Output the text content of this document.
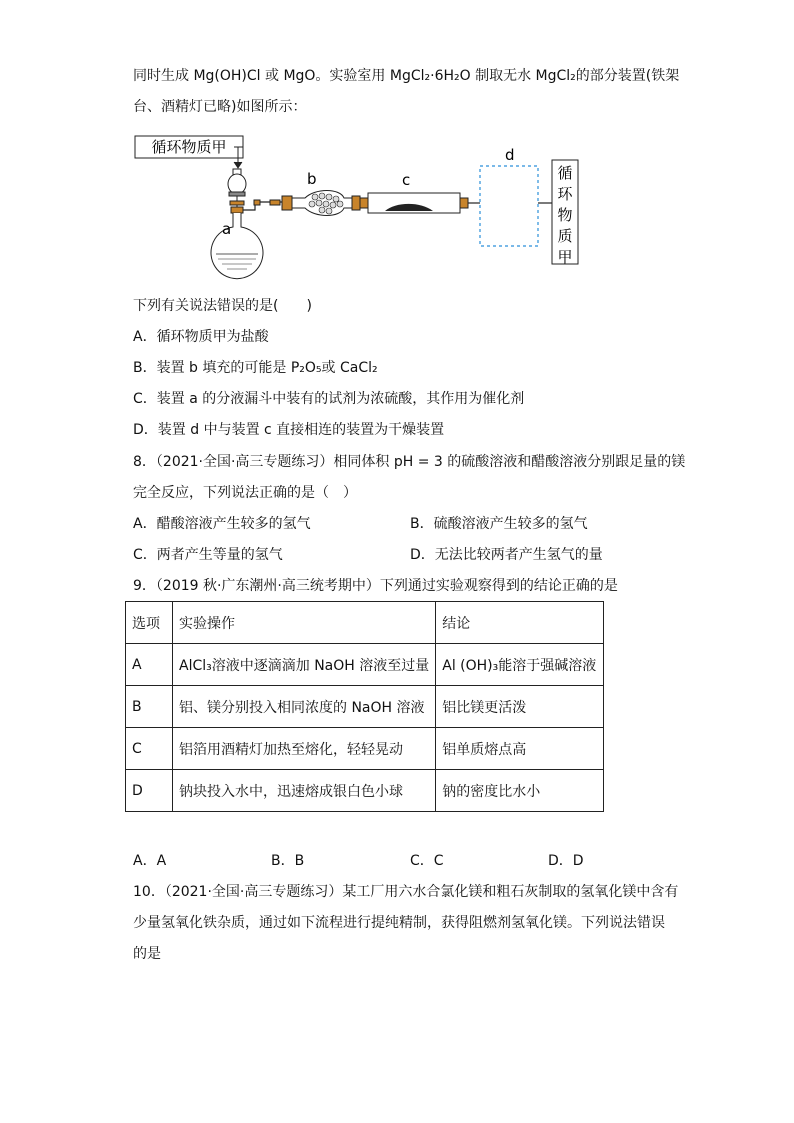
同时生成 Mg(OH)Cl 或 MgO。实验室用 MgCl₂·6H₂O 制取无水 MgCl₂的部分装置(铁架
台、酒精灯已略)如图所示：
循环物质甲
a
b	c
d
循
环
物
质
甲
下列有关说法错误的是(　　)
A．循环物质甲为盐酸
B．装置 b 填充的可能是 P₂O₅或 CaCl₂
C．装置 a 的分液漏斗中装有的试剂为浓硫酸，其作用为催化剂
D．装置 d 中与装置 c 直接相连的装置为干燥装置
8．（2021·全国·高三专题练习）相同体积 pH = 3 的硫酸溶液和醋酸溶液分别跟足量的镁
完全反应，下列说法正确的是（　）
A．醋酸溶液产生较多的氢气	B．硫酸溶液产生较多的氢气
C．两者产生等量的氢气	D．无法比较两者产生氢气的量
9．（2019 秋·广东潮州·高三统考期中）下列通过实验观察得到的结论正确的是
选项	实验操作	结论
A	AlCl₃溶液中逐滴滴加 NaOH 溶液至过量	Al (OH)₃能溶于强碱溶液
B	铝、镁分别投入相同浓度的 NaOH 溶液	铝比镁更活泼
C	铝箔用酒精灯加热至熔化，轻轻晃动	铝单质熔点高
D	钠块投入水中，迅速熔成银白色小球	钠的密度比水小
A．A	B．B	C．C	D．D
10．（2021·全国·高三专题练习）某工厂用六水合氯化镁和粗石灰制取的氢氧化镁中含有
少量氢氧化铁杂质，通过如下流程进行提纯精制，获得阻燃剂氢氧化镁。下列说法错误
的是
